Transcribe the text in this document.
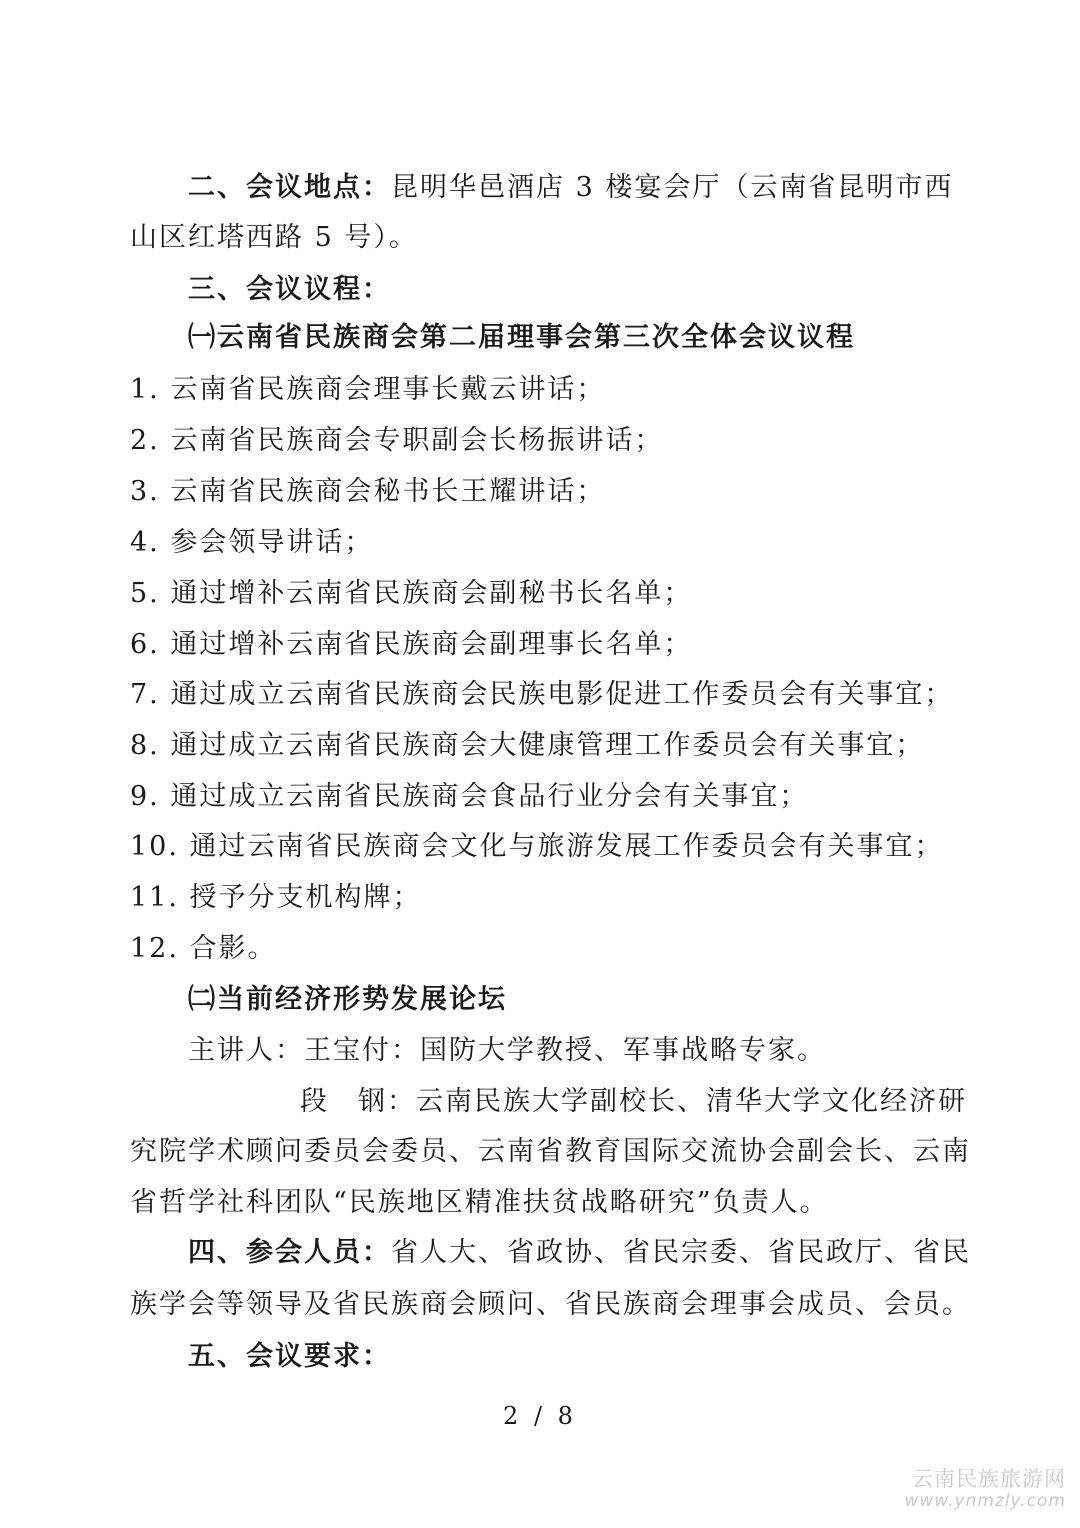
二、会议地点：昆明华邑酒店 3 楼宴会厅（云南省昆明市西
山区红塔西路 5 号）。
三、会议议程：
㈠云南省民族商会第二届理事会第三次全体会议议程
1. 云南省民族商会理事长戴云讲话；
2. 云南省民族商会专职副会长杨振讲话；
3. 云南省民族商会秘书长王耀讲话；
4. 参会领导讲话；
5. 通过增补云南省民族商会副秘书长名单；
6. 通过增补云南省民族商会副理事长名单；
7. 通过成立云南省民族商会民族电影促进工作委员会有关事宜；
8. 通过成立云南省民族商会大健康管理工作委员会有关事宜；
9. 通过成立云南省民族商会食品行业分会有关事宜；
10. 通过云南省民族商会文化与旅游发展工作委员会有关事宜；
11. 授予分支机构牌；
12. 合影。
㈡当前经济形势发展论坛
主讲人：王宝付：国防大学教授、军事战略专家。
段　钢：云南民族大学副校长、清华大学文化经济研
究院学术顾问委员会委员、云南省教育国际交流协会副会长、云南
省哲学社科团队“民族地区精准扶贫战略研究”负责人。
四、参会人员：省人大、省政协、省民宗委、省民政厅、省民
族学会等领导及省民族商会顾问、省民族商会理事会成员、会员。
五、会议要求：
2 / 8
云南民族旅游网
www.ynmzly.com
